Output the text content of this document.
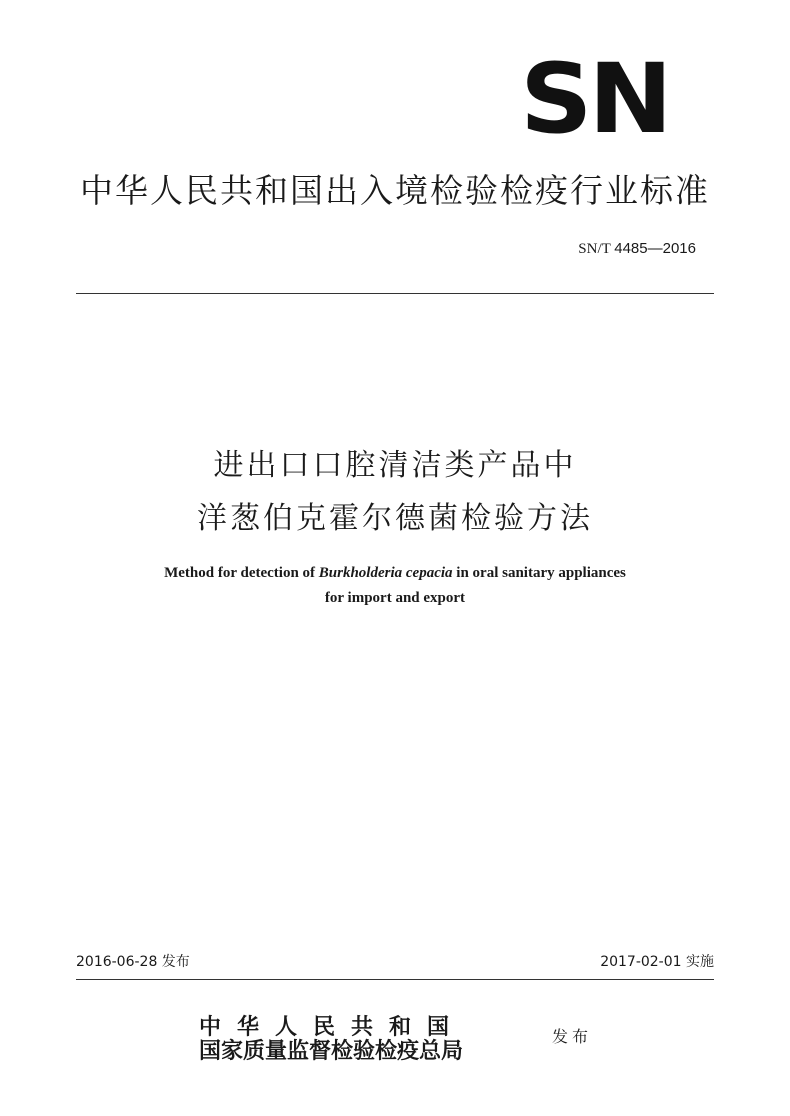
SN
中华人民共和国出入境检验检疫行业标准
SN/T 4485—2016
进出口口腔清洁类产品中
洋葱伯克霍尔德菌检验方法
Method for detection of Burkholderia cepacia in oral sanitary appliances
for import and export
2016-06-28 发布	2017-02-01 实施
中华人民共和国
国家质量监督检验检疫总局
发布
